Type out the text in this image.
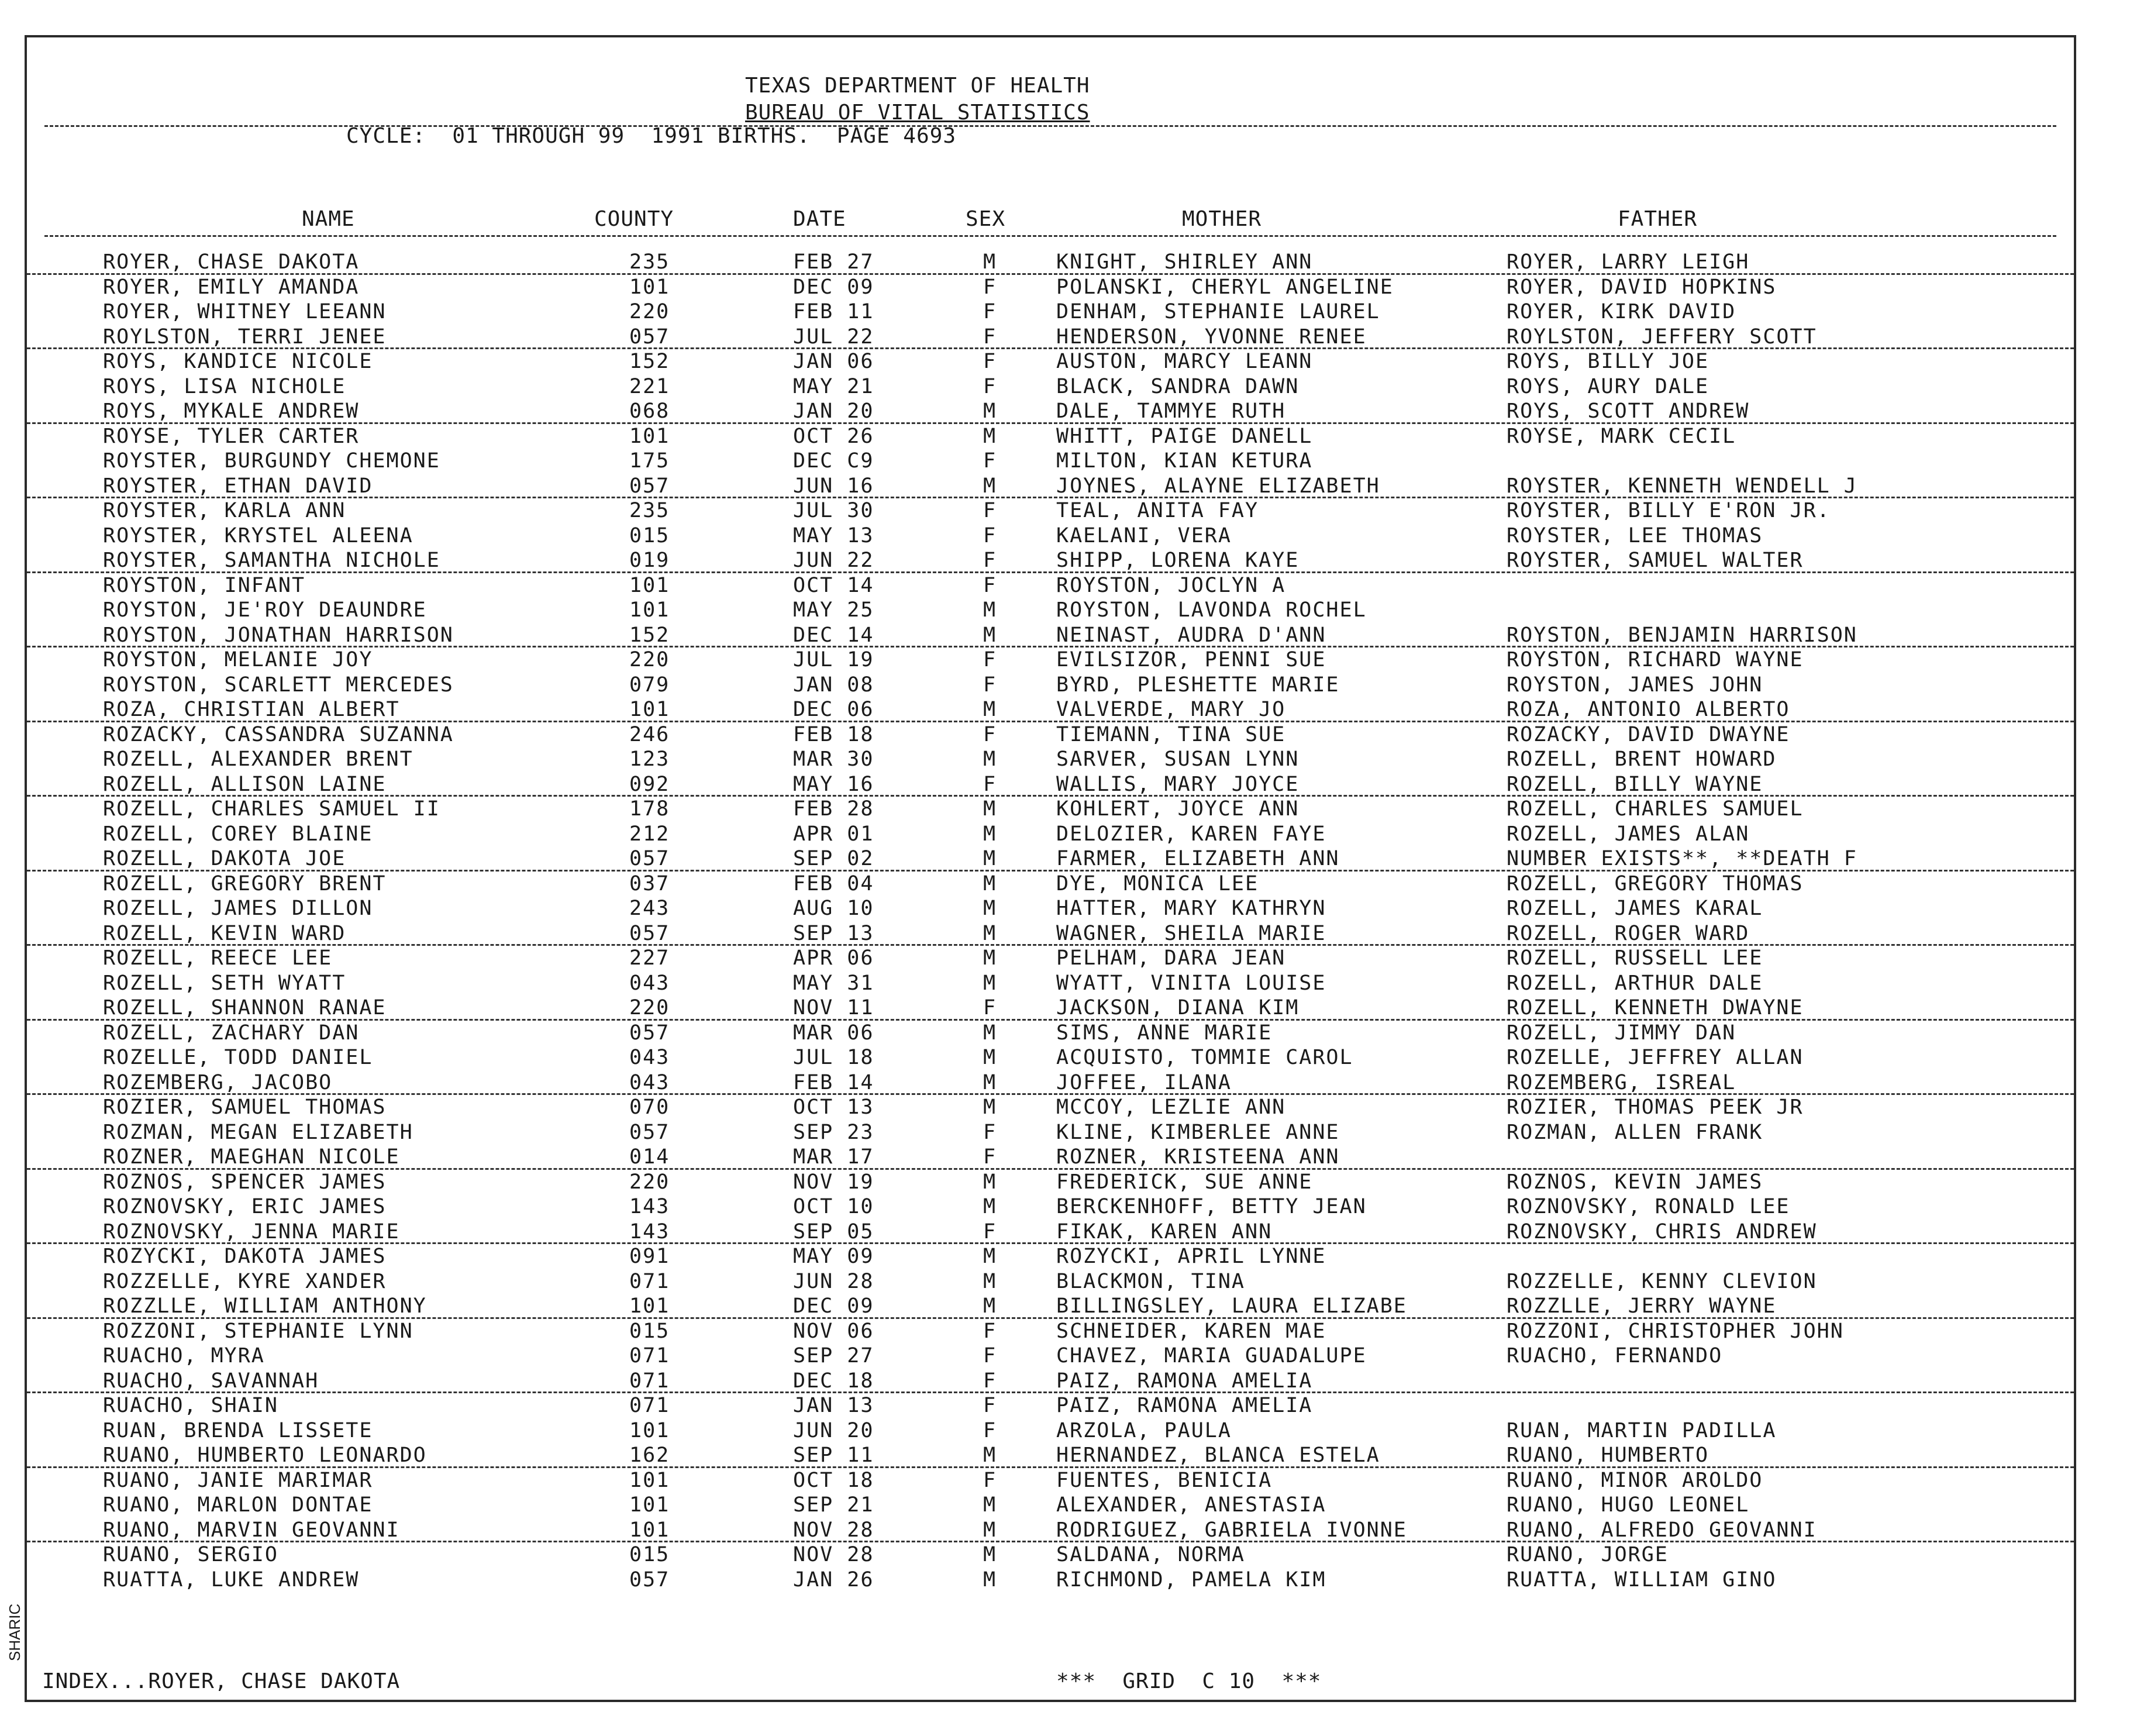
TEXAS DEPARTMENT OF HEALTH
BUREAU OF VITAL STATISTICS
CYCLE:  01 THROUGH 99  1991 BIRTHS.  PAGE 4693
NAME	COUNTY	DATE	SEX	MOTHER	FATHER
ROYER, CHASE DAKOTA	235	FEB 27	M	KNIGHT, SHIRLEY ANN	ROYER, LARRY LEIGH
ROYER, EMILY AMANDA	101	DEC 09	F	POLANSKI, CHERYL ANGELINE	ROYER, DAVID HOPKINS
ROYER, WHITNEY LEEANN	220	FEB 11	F	DENHAM, STEPHANIE LAUREL	ROYER, KIRK DAVID
ROYLSTON, TERRI JENEE	057	JUL 22	F	HENDERSON, YVONNE RENEE	ROYLSTON, JEFFERY SCOTT
ROYS, KANDICE NICOLE	152	JAN 06	F	AUSTON, MARCY LEANN	ROYS, BILLY JOE
ROYS, LISA NICHOLE	221	MAY 21	F	BLACK, SANDRA DAWN	ROYS, AURY DALE
ROYS, MYKALE ANDREW	068	JAN 20	M	DALE, TAMMYE RUTH	ROYS, SCOTT ANDREW
ROYSE, TYLER CARTER	101	OCT 26	M	WHITT, PAIGE DANELL	ROYSE, MARK CECIL
ROYSTER, BURGUNDY CHEMONE	175	DEC C9	F	MILTON, KIAN KETURA
ROYSTER, ETHAN DAVID	057	JUN 16	M	JOYNES, ALAYNE ELIZABETH	ROYSTER, KENNETH WENDELL J
ROYSTER, KARLA ANN	235	JUL 30	F	TEAL, ANITA FAY	ROYSTER, BILLY E'RON JR.
ROYSTER, KRYSTEL ALEENA	015	MAY 13	F	KAELANI, VERA	ROYSTER, LEE THOMAS
ROYSTER, SAMANTHA NICHOLE	019	JUN 22	F	SHIPP, LORENA KAYE	ROYSTER, SAMUEL WALTER
ROYSTON, INFANT	101	OCT 14	F	ROYSTON, JOCLYN A
ROYSTON, JE'ROY DEAUNDRE	101	MAY 25	M	ROYSTON, LAVONDA ROCHEL
ROYSTON, JONATHAN HARRISON	152	DEC 14	M	NEINAST, AUDRA D'ANN	ROYSTON, BENJAMIN HARRISON
ROYSTON, MELANIE JOY	220	JUL 19	F	EVILSIZOR, PENNI SUE	ROYSTON, RICHARD WAYNE
ROYSTON, SCARLETT MERCEDES	079	JAN 08	F	BYRD, PLESHETTE MARIE	ROYSTON, JAMES JOHN
ROZA, CHRISTIAN ALBERT	101	DEC 06	M	VALVERDE, MARY JO	ROZA, ANTONIO ALBERTO
ROZACKY, CASSANDRA SUZANNA	246	FEB 18	F	TIEMANN, TINA SUE	ROZACKY, DAVID DWAYNE
ROZELL, ALEXANDER BRENT	123	MAR 30	M	SARVER, SUSAN LYNN	ROZELL, BRENT HOWARD
ROZELL, ALLISON LAINE	092	MAY 16	F	WALLIS, MARY JOYCE	ROZELL, BILLY WAYNE
ROZELL, CHARLES SAMUEL II	178	FEB 28	M	KOHLERT, JOYCE ANN	ROZELL, CHARLES SAMUEL
ROZELL, COREY BLAINE	212	APR 01	M	DELOZIER, KAREN FAYE	ROZELL, JAMES ALAN
ROZELL, DAKOTA JOE	057	SEP 02	M	FARMER, ELIZABETH ANN	NUMBER EXISTS**, **DEATH F
ROZELL, GREGORY BRENT	037	FEB 04	M	DYE, MONICA LEE	ROZELL, GREGORY THOMAS
ROZELL, JAMES DILLON	243	AUG 10	M	HATTER, MARY KATHRYN	ROZELL, JAMES KARAL
ROZELL, KEVIN WARD	057	SEP 13	M	WAGNER, SHEILA MARIE	ROZELL, ROGER WARD
ROZELL, REECE LEE	227	APR 06	M	PELHAM, DARA JEAN	ROZELL, RUSSELL LEE
ROZELL, SETH WYATT	043	MAY 31	M	WYATT, VINITA LOUISE	ROZELL, ARTHUR DALE
ROZELL, SHANNON RANAE	220	NOV 11	F	JACKSON, DIANA KIM	ROZELL, KENNETH DWAYNE
ROZELL, ZACHARY DAN	057	MAR 06	M	SIMS, ANNE MARIE	ROZELL, JIMMY DAN
ROZELLE, TODD DANIEL	043	JUL 18	M	ACQUISTO, TOMMIE CAROL	ROZELLE, JEFFREY ALLAN
ROZEMBERG, JACOBO	043	FEB 14	M	JOFFEE, ILANA	ROZEMBERG, ISREAL
ROZIER, SAMUEL THOMAS	070	OCT 13	M	MCCOY, LEZLIE ANN	ROZIER, THOMAS PEEK JR
ROZMAN, MEGAN ELIZABETH	057	SEP 23	F	KLINE, KIMBERLEE ANNE	ROZMAN, ALLEN FRANK
ROZNER, MAEGHAN NICOLE	014	MAR 17	F	ROZNER, KRISTEENA ANN
ROZNOS, SPENCER JAMES	220	NOV 19	M	FREDERICK, SUE ANNE	ROZNOS, KEVIN JAMES
ROZNOVSKY, ERIC JAMES	143	OCT 10	M	BERCKENHOFF, BETTY JEAN	ROZNOVSKY, RONALD LEE
ROZNOVSKY, JENNA MARIE	143	SEP 05	F	FIKAK, KAREN ANN	ROZNOVSKY, CHRIS ANDREW
ROZYCKI, DAKOTA JAMES	091	MAY 09	M	ROZYCKI, APRIL LYNNE
ROZZELLE, KYRE XANDER	071	JUN 28	M	BLACKMON, TINA	ROZZELLE, KENNY CLEVION
ROZZLLE, WILLIAM ANTHONY	101	DEC 09	M	BILLINGSLEY, LAURA ELIZABE	ROZZLLE, JERRY WAYNE
ROZZONI, STEPHANIE LYNN	015	NOV 06	F	SCHNEIDER, KAREN MAE	ROZZONI, CHRISTOPHER JOHN
RUACHO, MYRA	071	SEP 27	F	CHAVEZ, MARIA GUADALUPE	RUACHO, FERNANDO
RUACHO, SAVANNAH	071	DEC 18	F	PAIZ, RAMONA AMELIA
RUACHO, SHAIN	071	JAN 13	F	PAIZ, RAMONA AMELIA
RUAN, BRENDA LISSETE	101	JUN 20	F	ARZOLA, PAULA	RUAN, MARTIN PADILLA
RUANO, HUMBERTO LEONARDO	162	SEP 11	M	HERNANDEZ, BLANCA ESTELA	RUANO, HUMBERTO
RUANO, JANIE MARIMAR	101	OCT 18	F	FUENTES, BENICIA	RUANO, MINOR AROLDO
RUANO, MARLON DONTAE	101	SEP 21	M	ALEXANDER, ANESTASIA	RUANO, HUGO LEONEL
RUANO, MARVIN GEOVANNI	101	NOV 28	M	RODRIGUEZ, GABRIELA IVONNE	RUANO, ALFREDO GEOVANNI
RUANO, SERGIO	015	NOV 28	M	SALDANA, NORMA	RUANO, JORGE
RUATTA, LUKE ANDREW	057	JAN 26	M	RICHMOND, PAMELA KIM	RUATTA, WILLIAM GINO
INDEX...ROYER, CHASE DAKOTA	***  GRID  C 10  ***
SHARIC
